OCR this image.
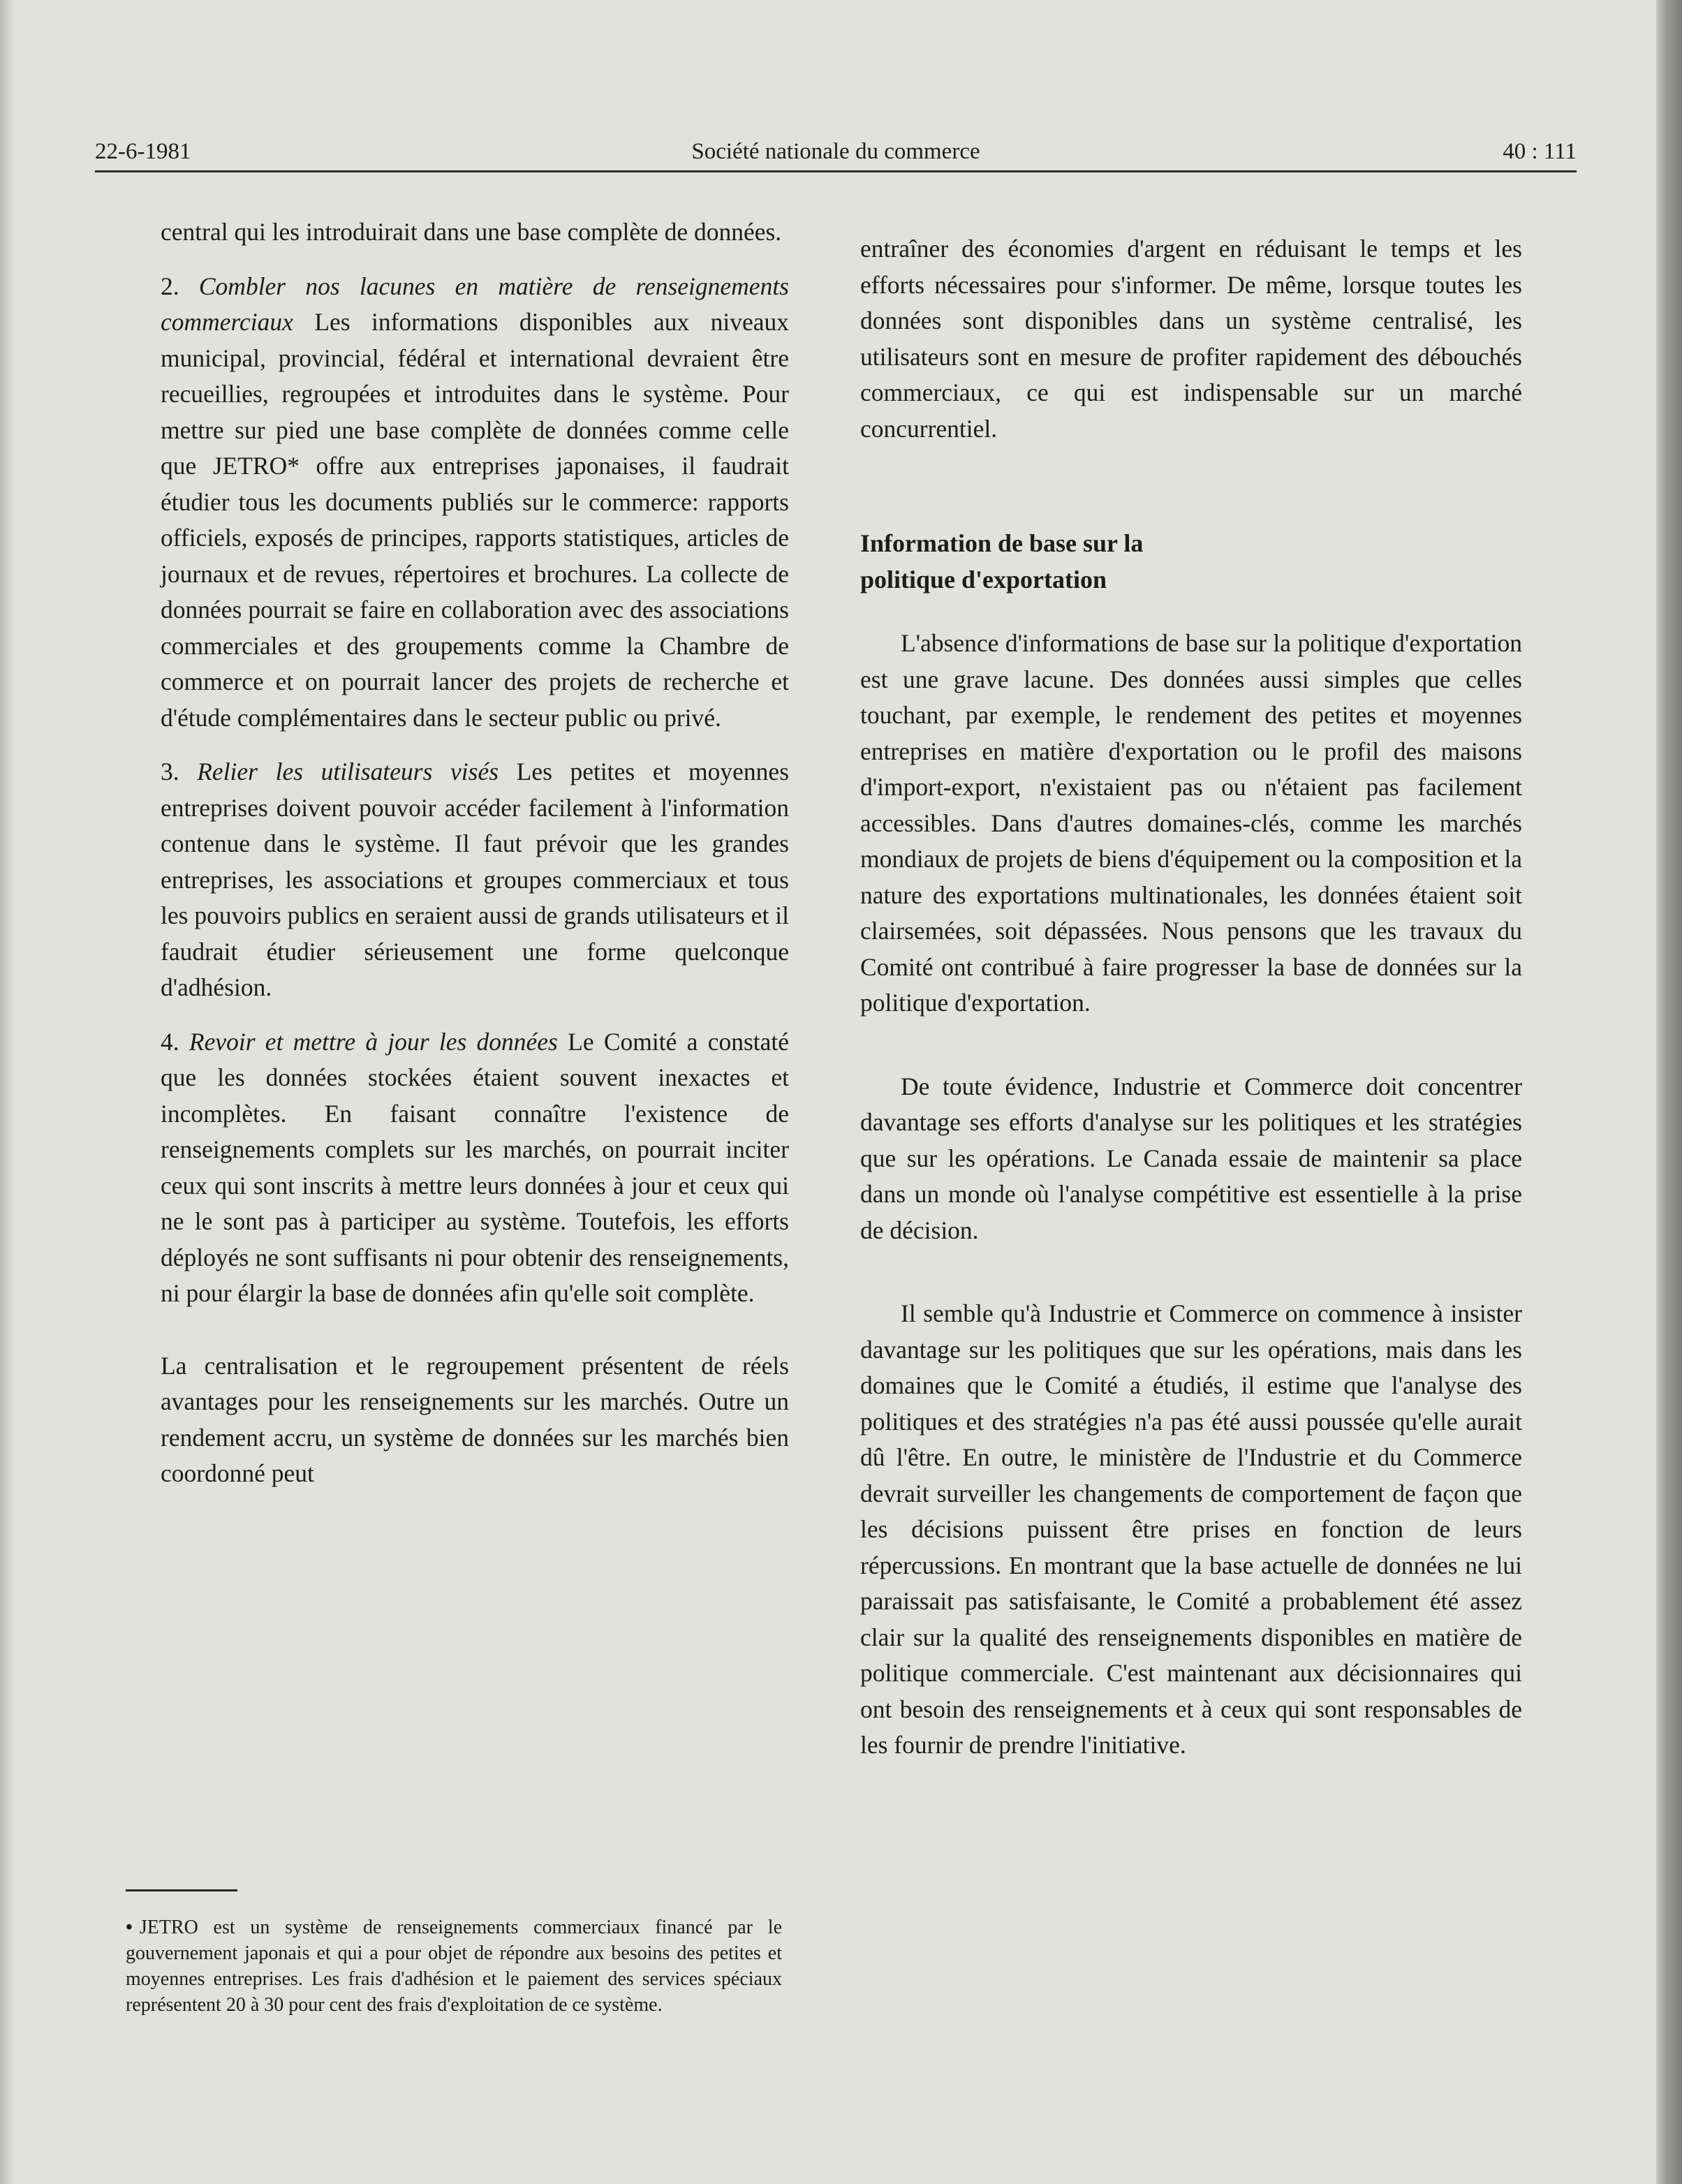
22-6-1981	Société nationale du commerce	40 : 111

central qui les introduirait dans une base complète de données.

2. Combler nos lacunes en matière de renseignements commerciaux Les informations disponibles aux niveaux municipal, provincial, fédéral et international devraient être recueillies, regroupées et introduites dans le système. Pour mettre sur pied une base complète de données comme celle que JETRO* offre aux entreprises japonaises, il faudrait étudier tous les documents publiés sur le commerce: rapports officiels, exposés de principes, rapports statistiques, articles de journaux et de revues, répertoires et brochures. La collecte de données pourrait se faire en collaboration avec des associations commerciales et des groupements comme la Chambre de commerce et on pourrait lancer des projets de recherche et d'étude complémentaires dans le secteur public ou privé.

3. Relier les utilisateurs visés Les petites et moyennes entreprises doivent pouvoir accéder facilement à l'information contenue dans le système. Il faut prévoir que les grandes entreprises, les associations et groupes commerciaux et tous les pouvoirs publics en seraient aussi de grands utilisateurs et il faudrait étudier sérieusement une forme quelconque d'adhésion.

4. Revoir et mettre à jour les données Le Comité a constaté que les données stockées étaient souvent inexactes et incomplètes. En faisant connaître l'existence de renseignements complets sur les marchés, on pourrait inciter ceux qui sont inscrits à mettre leurs données à jour et ceux qui ne le sont pas à participer au système. Toutefois, les efforts déployés ne sont suffisants ni pour obtenir des renseignements, ni pour élargir la base de données afin qu'elle soit complète.

La centralisation et le regroupement présentent de réels avantages pour les renseignements sur les marchés. Outre un rendement accru, un système de données sur les marchés bien coordonné peut

• JETRO est un système de renseignements commerciaux financé par le gouvernement japonais et qui a pour objet de répondre aux besoins des petites et moyennes entreprises. Les frais d'adhésion et le paiement des services spéciaux représentent 20 à 30 pour cent des frais d'exploitation de ce système.

entraîner des économies d'argent en réduisant le temps et les efforts nécessaires pour s'informer. De même, lorsque toutes les données sont disponibles dans un système centralisé, les utilisateurs sont en mesure de profiter rapidement des débouchés commerciaux, ce qui est indispensable sur un marché concurrentiel.

Information de base sur la
politique d'exportation

L'absence d'informations de base sur la politique d'exportation est une grave lacune. Des données aussi simples que celles touchant, par exemple, le rendement des petites et moyennes entreprises en matière d'exportation ou le profil des maisons d'import-export, n'existaient pas ou n'étaient pas facilement accessibles. Dans d'autres domaines-clés, comme les marchés mondiaux de projets de biens d'équipement ou la composition et la nature des exportations multinationales, les données étaient soit clairsemées, soit dépassées. Nous pensons que les travaux du Comité ont contribué à faire progresser la base de données sur la politique d'exportation.

De toute évidence, Industrie et Commerce doit concentrer davantage ses efforts d'analyse sur les politiques et les stratégies que sur les opérations. Le Canada essaie de maintenir sa place dans un monde où l'analyse compétitive est essentielle à la prise de décision.

Il semble qu'à Industrie et Commerce on commence à insister davantage sur les politiques que sur les opérations, mais dans les domaines que le Comité a étudiés, il estime que l'analyse des politiques et des stratégies n'a pas été aussi poussée qu'elle aurait dû l'être. En outre, le ministère de l'Industrie et du Commerce devrait surveiller les changements de comportement de façon que les décisions puissent être prises en fonction de leurs répercussions. En montrant que la base actuelle de données ne lui paraissait pas satisfaisante, le Comité a probablement été assez clair sur la qualité des renseignements disponibles en matière de politique commerciale. C'est maintenant aux décisionnaires qui ont besoin des renseignements et à ceux qui sont responsables de les fournir de prendre l'initiative.
